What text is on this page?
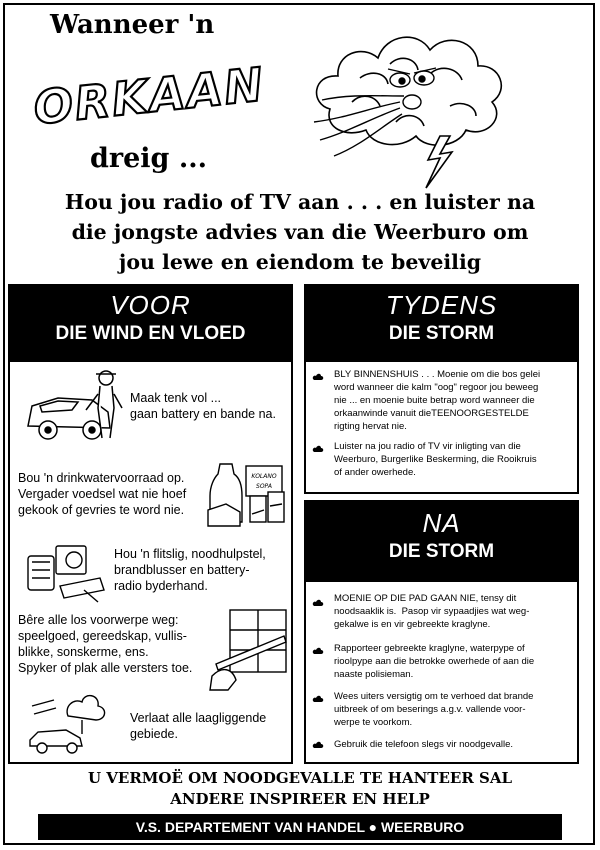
Wanneer 'n
ORKAAN
dreig ...
Hou jou radio of TV aan . . . en luister na
die jongste advies van die Weerburo om
jou lewe en eiendom te beveilig
VOOR
DIE WIND EN VLOED
Maak tenk vol ...
gaan battery en bande na.
Bou 'n drinkwatervoorraad op.
Vergader voedsel wat nie hoef
gekook of gevries te word nie.
KOLANO
SOPA
Hou 'n flitslig, noodhulpstel,
brandblusser en battery-
radio byderhand.
Bêre alle los voorwerpe weg:
speelgoed, gereedskap, vullis-
blikke, sonskerme, ens.
Spyker of plak alle versters toe.
Verlaat alle laagliggende
gebiede.
TYDENS
DIE STORM
BLY BINNENSHUIS . . . Moenie om die bos gelei
word wanneer die kalm "oog" regoor jou beweeg
nie ... en moenie buite betrap word wanneer die
orkaanwinde vanuit dieTEENOORGESTELDE
rigting hervat nie.
Luister na jou radio of TV vir inligting van die
Weerburo, Burgerlike Beskerming, die Rooikruis
of ander owerhede.
NA
DIE STORM
MOENIE OP DIE PAD GAAN NIE, tensy dit
noodsaaklik is.  Pasop vir sypaadjies wat weg-
gekalwe is en vir gebreekte kraglyne.
Rapporteer gebreekte kraglyne, waterpype of
rioolpype aan die betrokke owerhede of aan die
naaste polisieman.
Wees uiters versigtig om te verhoed dat brande
uitbreek of om beserings a.g.v. vallende voor-
werpe te voorkom.
Gebruik die telefoon slegs vir noodgevalle.
U VERMOË OM NOODGEVALLE TE HANTEER SAL
ANDERE INSPIREER EN HELP
V.S. DEPARTEMENT VAN HANDEL ● WEERBURO
